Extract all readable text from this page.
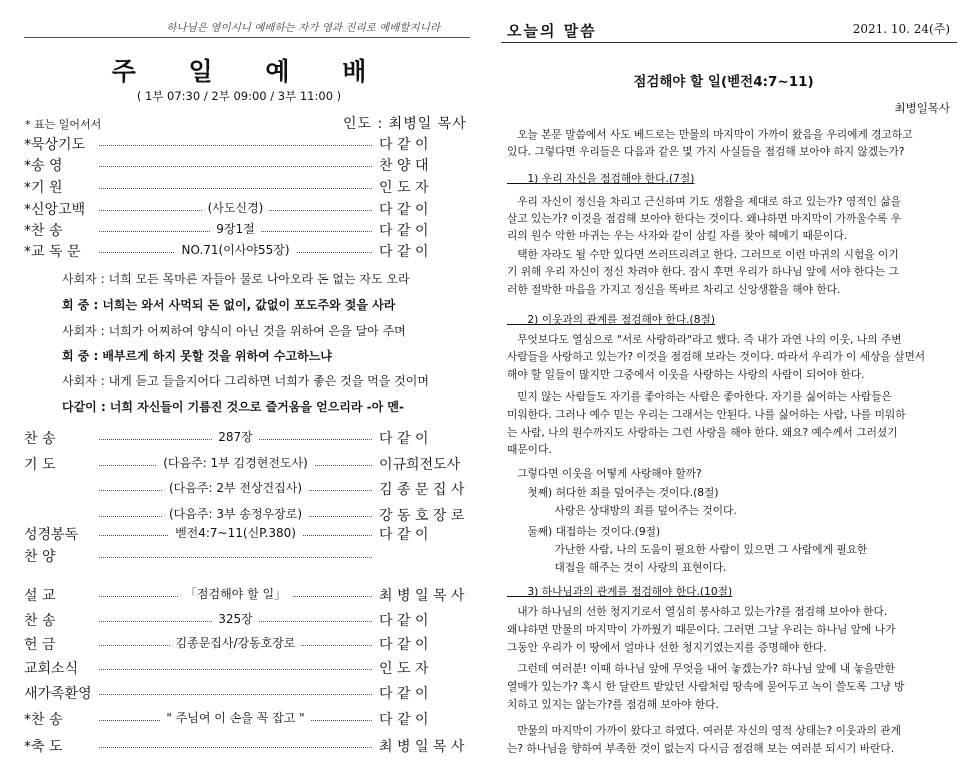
하나님은 영이시니 예배하는 자가 영과 진리로 예배할지니라
주 일 예 배
( 1부 07:30 / 2부 09:00 / 3부 11:00 )
* 표는 일어서서	인도 : 최병일 목사
*묵상기도	다 같 이
*송 영	찬 양 대
*기 원	인 도 자
*신앙고백	(사도신경)	다 같 이
*찬 송	9장1절	다 같 이
*교 독 문	NO.71(이사야55장)	다 같 이
사회자 : 너희 모든 목마른 자들아 물로 나아오라 돈 없는 자도 오라
회 중 : 너희는 와서 사먹되 돈 없이, 값없이 포도주와 젖을 사라
사회자 : 너희가 어찌하여 양식이 아닌 것을 위하여 은을 달아 주며
회 중 : 배부르게 하지 못할 것을 위하여 수고하느냐
사회자 : 내게 듣고 들을지어다 그리하면 너희가 좋은 것을 먹을 것이며
다같이 : 너희 자신들이 기름진 것으로 즐거움을 얻으리라 -아 멘-
찬 송	287장	다 같 이
기 도	(다음주: 1부 김경현전도사)	이규희전도사
(다음주: 2부 전상건집사)	김 종 문 집 사
(다음주: 3부 송정우장로)	강 동 호 장 로
성경봉독	벧전4:7~11(신P.380)	다 같 이
찬 양
설 교	「점검해야 할 일」	최 병 일 목 사
찬 송	325장	다 같 이
헌 금	김종문집사/강동호장로	다 같 이
교회소식	인 도 자
새가족환영	다 같 이
*찬 송	" 주님여 이 손을 꼭 잡고 "	다 같 이
*축 도	최 병 일 목 사
오늘의 말씀	2021. 10. 24(주)
점검해야 할 일(벧전4:7~11)
최병일목사
오늘 본문 말씀에서 사도 베드로는 만물의 마지막이 가까이 왔음을 우리에게 경고하고
있다. 그렇다면 우리들은 다음과 같은 몇 가지 사실들을 점검해 보아야 하지 않겠는가?
1) 우리 자신을 점검해야 한다.(7절)
우리 자신이 정신을 차리고 근신하며 기도 생활을 제대로 하고 있는가? 영적인 삶을
살고 있는가? 이것을 점검해 보아야 한다는 것이다. 왜냐하면 마지막이 가까울수록 우
리의 원수 악한 마귀는 우는 사자와 같이 삼킬 자를 찾아 헤메기 때문이다.
택한 자라도 될 수만 있다면 쓰러뜨리려고 한다. 그러므로 이런 마귀의 시험을 이기
기 위해 우리 자신이 정신 차려야 한다. 잠시 후면 우리가 하나님 앞에 서야 한다는 그
러한 절박한 마음을 가지고 정신을 똑바르 차리고 신앙생활을 해야 한다.
2) 이웃과의 관계를 점검해야 한다.(8절)
무엇보다도 열심으로 "서로 사랑하라"라고 했다. 즉 내가 과연 나의 이웃, 나의 주변
사람들을 사랑하고 있는가? 이것을 점검해 보라는 것이다. 따라서 우리가 이 세상을 살면서
해야 할 일들이 많지만 그중에서 이웃을 사랑하는 사랑의 사람이 되어야 한다.
믿지 않는 사람들도 자기를 좋아하는 사람은 좋아한다. 자기를 싫어하는 사람들은
미워한다. 그러나 예수 믿는 우리는 그래서는 안된다. 나를 싫어하는 사람, 나를 미워하
는 사람, 나의 원수까지도 사랑하는 그런 사랑을 해야 한다. 왜요? 예수께서 그러셨기
때문이다.
그렇다면 이웃을 어떻게 사랑해야 할까?
첫째) 허다한 죄를 덮어주는 것이다.(8절)
사랑은 상대방의 죄를 덮어주는 것이다.
둘째) 대접하는 것이다.(9절)
가난한 사람, 나의 도움이 필요한 사람이 있으면 그 사람에게 필요한
대접을 해주는 것이 사랑의 표현이다.
3) 하나님과의 관계를 점검해야 한다.(10절)
내가 하나님의 선한 청지기로서 열심히 봉사하고 있는가?를 점검해 보아야 한다.
왜냐하면 만물의 마지막이 가까웠기 때문이다. 그러면 그날 우리는 하나님 앞에 나가
그동안 우리가 이 땅에서 얼마나 선한 청지기였는지를 증명해야 한다.
그런데 여러분! 이때 하나님 앞에 무엇을 내어 놓겠는가? 하나님 앞에 내 놓을만한
열매가 있는가? 혹시 한 달란트 받았던 사람처럼 땅속에 묻어두고 녹이 쓸도록 그냥 방
치하고 있지는 않는가?를 점검해 보아야 한다.
만물의 마지막이 가까이 왔다고 하였다. 여러분 자신의 영적 상태는? 이웃과의 관계
는? 하나님을 향하여 부족한 것이 없는지 다시금 점검해 보는 여러분 되시기 바란다.
